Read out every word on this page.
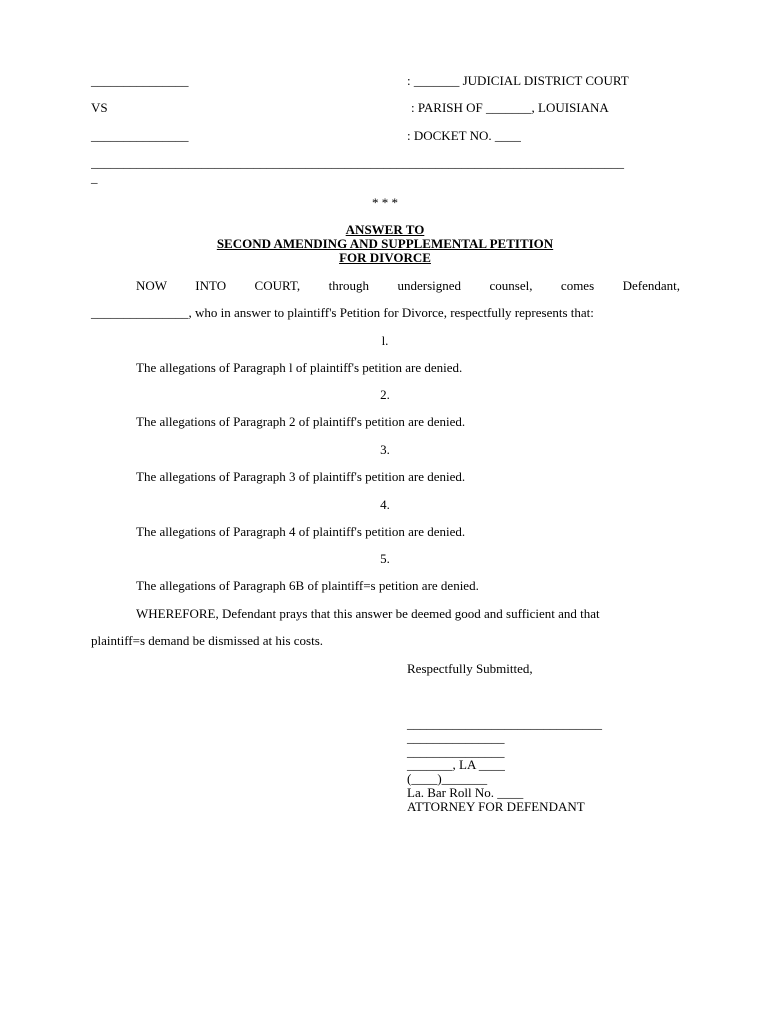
_______________	: _______ JUDICIAL DISTRICT COURT
VS	: PARISH OF _______, LOUISIANA
_______________	: DOCKET NO. ____
__________________________________________________________________________________
_
* * *
ANSWER TO
SECOND AMENDING AND SUPPLEMENTAL PETITION
FOR DIVORCE
NOW INTO COURT, through undersigned counsel, comes Defendant,
_______________, who in answer to plaintiff's Petition for Divorce, respectfully represents that:
l.
The allegations of Paragraph l of plaintiff's petition are denied.
2.
The allegations of Paragraph 2 of plaintiff's petition are denied.
3.
The allegations of Paragraph 3 of plaintiff's petition are denied.
4.
The allegations of Paragraph 4 of plaintiff's petition are denied.
5.
The allegations of Paragraph 6B of plaintiff=s petition are denied.
WHEREFORE, Defendant prays that this answer be deemed good and sufficient and that
plaintiff=s demand be dismissed at his costs.
Respectfully Submitted,
______________________________
_______________
_______________
_______, LA ____
(____)_______
La. Bar Roll No. ____
ATTORNEY FOR DEFENDANT
